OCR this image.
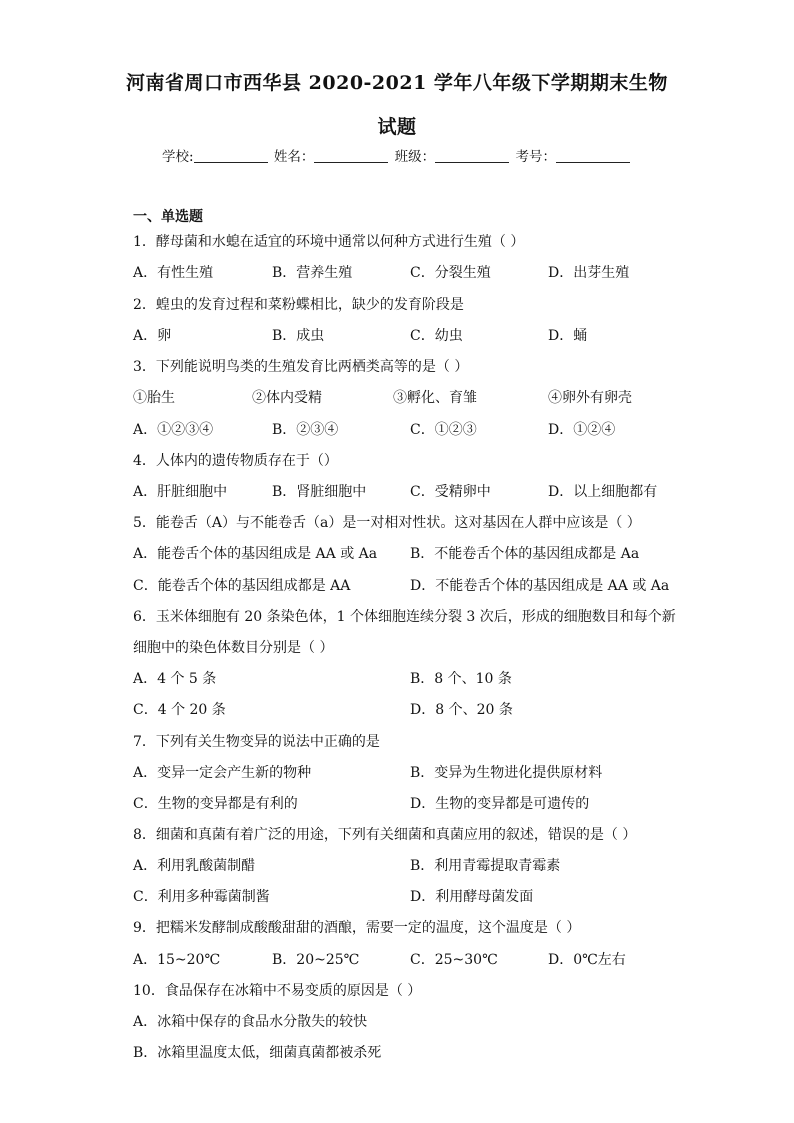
河南省周口市西华县 2020-2021 学年八年级下学期期末生物
试题
学校:	姓名：	班级：	考号：
一、单选题
1．酵母菌和水螅在适宜的环境中通常以何种方式进行生殖（ ）
A．有性生殖	B．营养生殖	C．分裂生殖	D．出芽生殖
2．蝗虫的发育过程和菜粉蝶相比，缺少的发育阶段是
A．卵	B．成虫	C．幼虫	D．蛹
3．下列能说明鸟类的生殖发育比两栖类高等的是（ ）
①胎生	②体内受精	③孵化、育雏	④卵外有卵壳
A．①②③④	B．②③④	C．①②③	D．①②④
4．人体内的遗传物质存在于（）
A．肝脏细胞中	B．肾脏细胞中	C．受精卵中	D．以上细胞都有
5．能卷舌（A）与不能卷舌（a）是一对相对性状。这对基因在人群中应该是（ ）
A．能卷舌个体的基因组成是 AA 或 Aa B．不能卷舌个体的基因组成都是 Aa
C．能卷舌个体的基因组成都是 AA	D．不能卷舌个体的基因组成是 AA 或 Aa
6．玉米体细胞有 20 条染色体，1 个体细胞连续分裂 3 次后，形成的细胞数目和每个新
细胞中的染色体数目分别是（ ）
A．4 个 5 条	B．8 个、10 条
C．4 个 20 条	D．8 个、20 条
7．下列有关生物变异的说法中正确的是
A．变异一定会产生新的物种	B．变异为生物进化提供原材料
C．生物的变异都是有利的	D．生物的变异都是可遗传的
8．细菌和真菌有着广泛的用途，下列有关细菌和真菌应用的叙述，错误的是（ ）
A．利用乳酸菌制醋	B．利用青霉提取青霉素
C．利用多种霉菌制酱	D．利用酵母菌发面
9．把糯米发酵制成酸酸甜甜的酒酿，需要一定的温度，这个温度是（ ）
A．15~20℃	B．20~25℃	C．25~30℃	D．0℃左右
10．食品保存在冰箱中不易变质的原因是（ ）
A．冰箱中保存的食品水分散失的较快
B．冰箱里温度太低，细菌真菌都被杀死
